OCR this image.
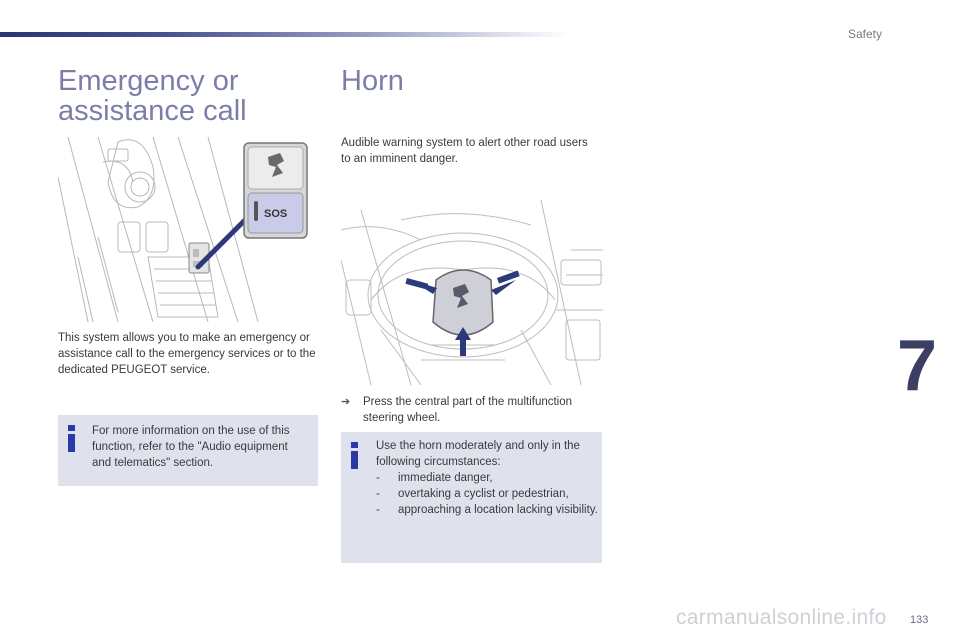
Safety
7
133
carmanualsonline.info
Emergency or assistance call
SOS

This system allows you to make an emergency or assistance call to the emergency services or to the dedicated PEUGEOT service.

For more information on the use of this function, refer to the "Audio equipment and telematics" section.

Horn

Audible warning system to alert other road users to an imminent danger.

➔	Press the central part of the multifunction steering wheel.
Use the horn moderately and only in the following circumstances:
-	immediate danger,
-	overtaking a cyclist or pedestrian,
-	approaching a location lacking visibility.
